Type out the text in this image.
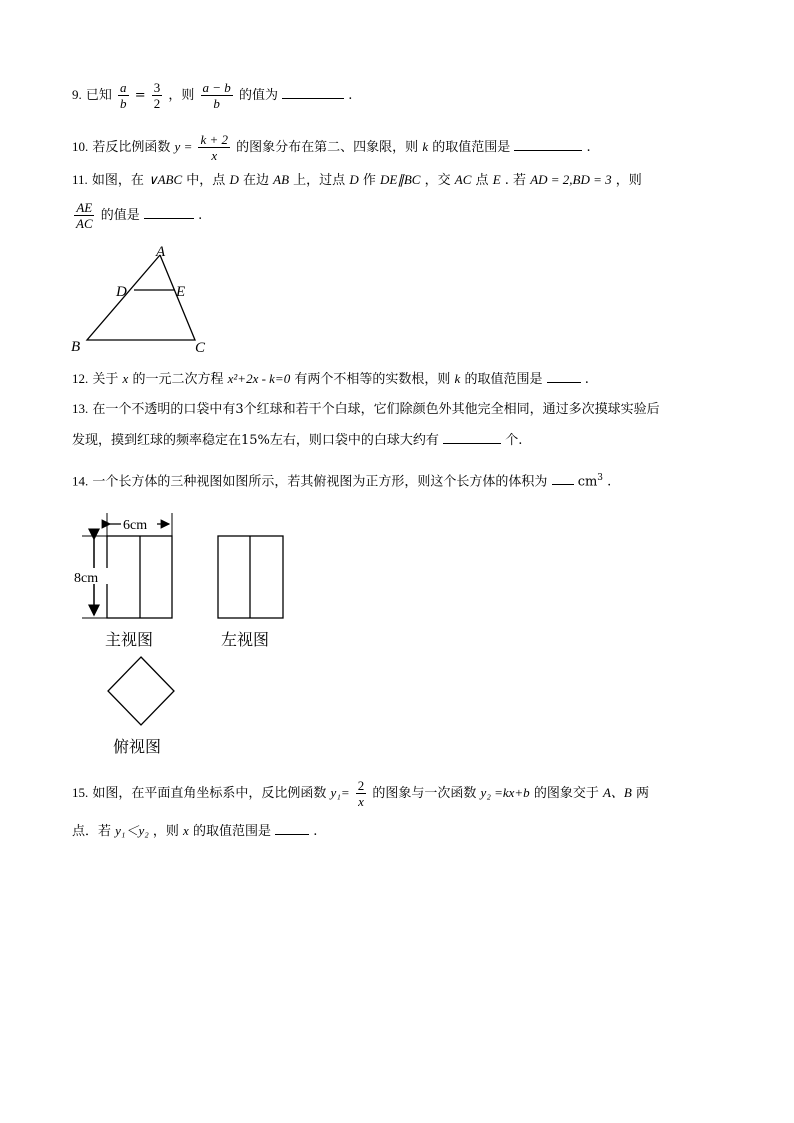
9. 已知 $\frac{a}{b} = \frac{3}{2}$ ，则 $\frac{a - b}{b}$ 的值为	.
10. 若反比例函数 $y = \frac{k + 2}{x}$ 的图象分布在第二、四象限，则 k 的取值范围是	.
11. 如图，在 ∨ABC 中，点 D 在边 AB 上，过点 D 作 DE∥BC ，交 AC 点 E . 若 AD = 2,BD = 3 ，则
$\frac{AE}{AC}$ 的值是	.
A
B	C
D	E
12. 关于 x 的一元二次方程 x²+2x - k=0 有两个不相等的实数根，则 k 的取值范围是	.
13. 在一个不透明的口袋中有3个红球和若干个白球，它们除颜色外其他完全相同，通过多次摸球实验后
发现，摸到红球的频率稳定在15%左右，则口袋中的白球大约有	个.
14. 一个长方体的三种视图如图所示，若其俯视图为正方形，则这个长方体的体积为 $cm^3$ .
6cm
8cm
主视图	左视图
俯视图
15. 如图，在平面直角坐标系中，反比例函数 $y_1= \frac{2}{x}$ 的图象与一次函数 y₂ =kx+b 的图象交于 A、B 两
点．若 y₁＜y₂ ，则 x 的取值范围是	.
